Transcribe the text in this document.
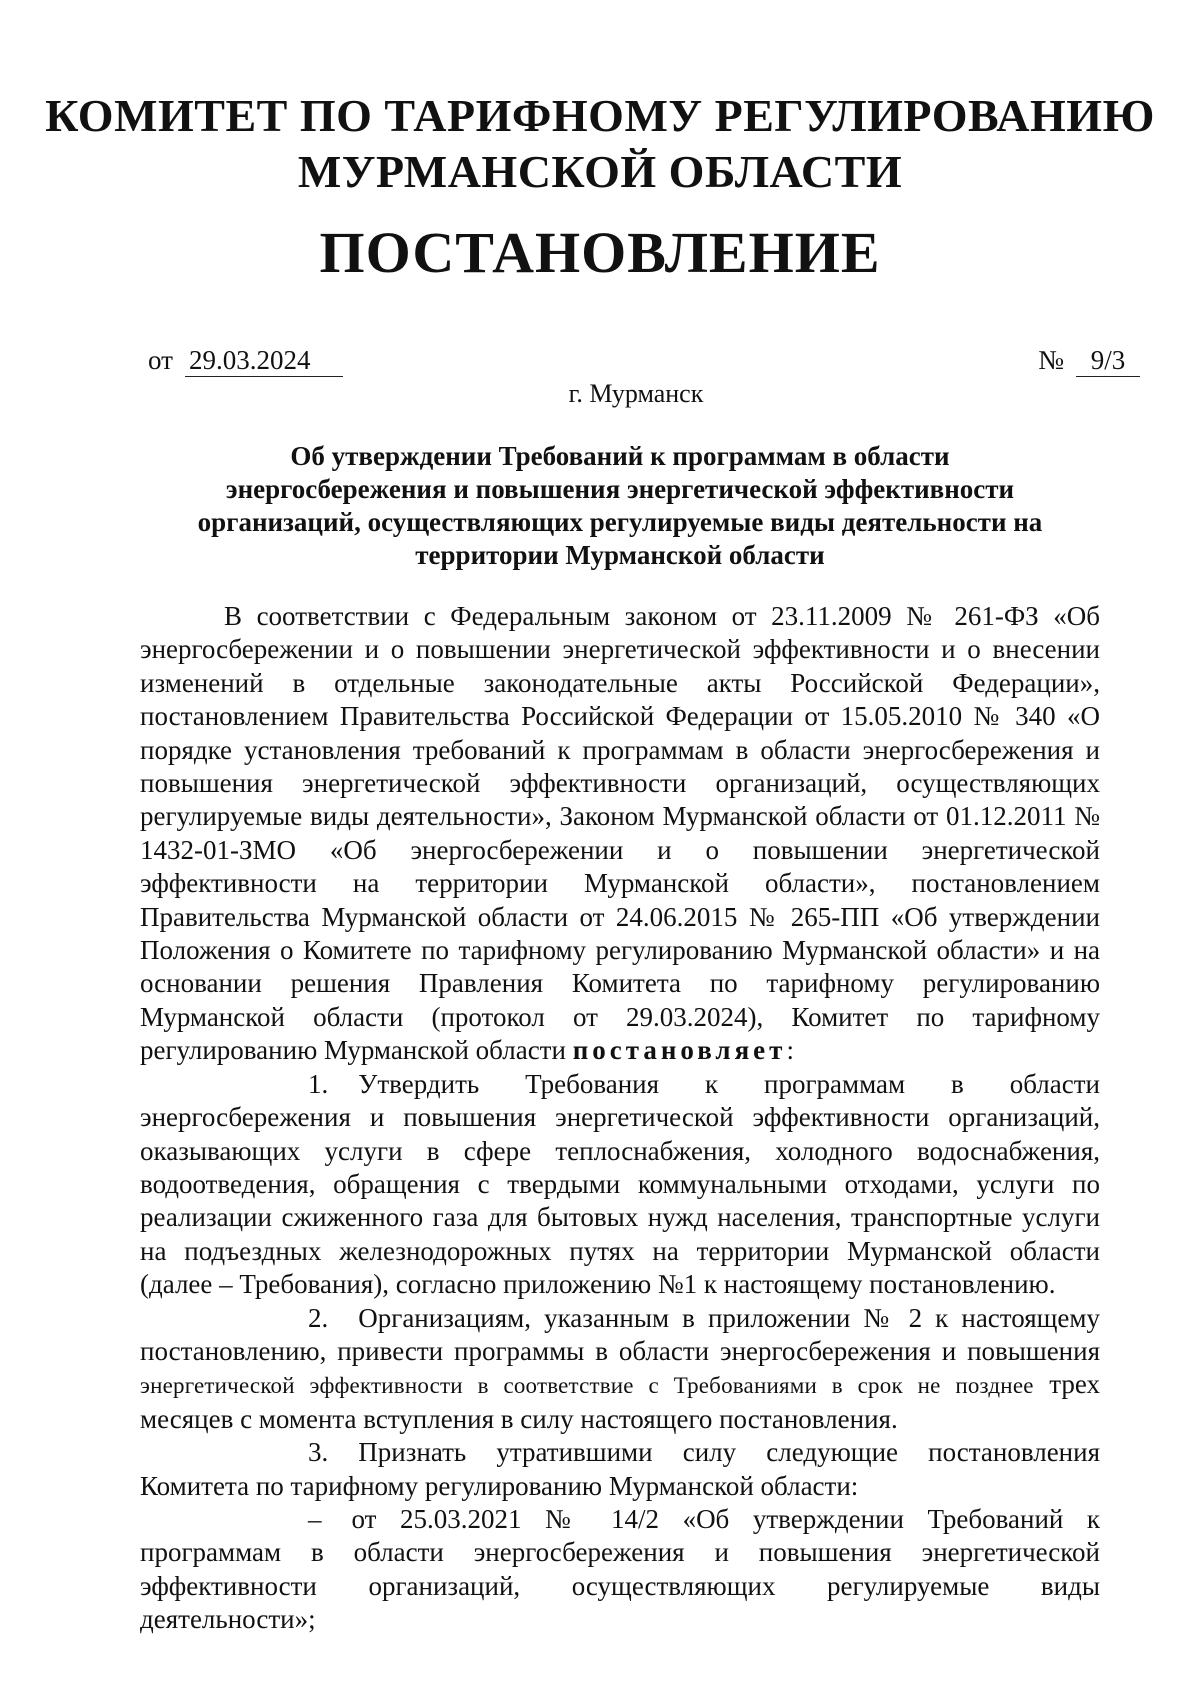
КОМИТЕТ ПО ТАРИФНОМУ РЕГУЛИРОВАНИЮ
МУРМАНСКОЙ ОБЛАСТИ
ПОСТАНОВЛЕНИЕ
от 29.03.2024	№ 9/3
г. Мурманск
Об утверждении Требований к программам в области
энергосбережения и повышения энергетической эффективности
организаций, осуществляющих регулируемые виды деятельности на
территории Мурманской области

В соответствии с Федеральным законом от 23.11.2009 № 261-ФЗ «Об энергосбережении и о повышении энергетической эффективности и о внесении изменений в отдельные законодательные акты Российской Федерации», постановлением Правительства Российской Федерации от 15.05.2010 № 340 «О порядке установления требований к программам в области энергосбережения и повышения энергетической эффективности организаций, осуществляющих регулируемые виды деятельности», Законом Мурманской области от 01.12.2011 № 1432-01-ЗМО «Об энергосбережении и о повышении энергетической эффективности на территории Мурманской области», постановлением Правительства Мурманской области от 24.06.2015 № 265-ПП «Об утверждении Положения о Комитете по тарифному регулированию Мурманской области» и на основании решения Правления Комитета по тарифному регулированию Мурманской области (протокол от 29.03.2024), Комитет по тарифному регулированию Мурманской области постановляет:

1. Утвердить Требования к программам в области энергосбережения и повышения энергетической эффективности организаций, оказывающих услуги в сфере теплоснабжения, холодного водоснабжения, водоотведения, обращения с твердыми коммунальными отходами, услуги по реализации сжиженного газа для бытовых нужд населения, транспортные услуги на подъездных железнодорожных путях на территории Мурманской области (далее – Требования), согласно приложению №1 к настоящему постановлению.

2. Организациям, указанным в приложении № 2 к настоящему постановлению, привести программы в области энергосбережения и повышения энергетической эффективности в соответствие с Требованиями в срок не позднее трех месяцев с момента вступления в силу настоящего постановления.

3. Признать утратившими силу следующие постановления Комитета по тарифному регулированию Мурманской области:

– от 25.03.2021 № 14/2 «Об утверждении Требований к программам в области энергосбережения и повышения энергетической эффективности организаций, осуществляющих регулируемые виды деятельности»;
